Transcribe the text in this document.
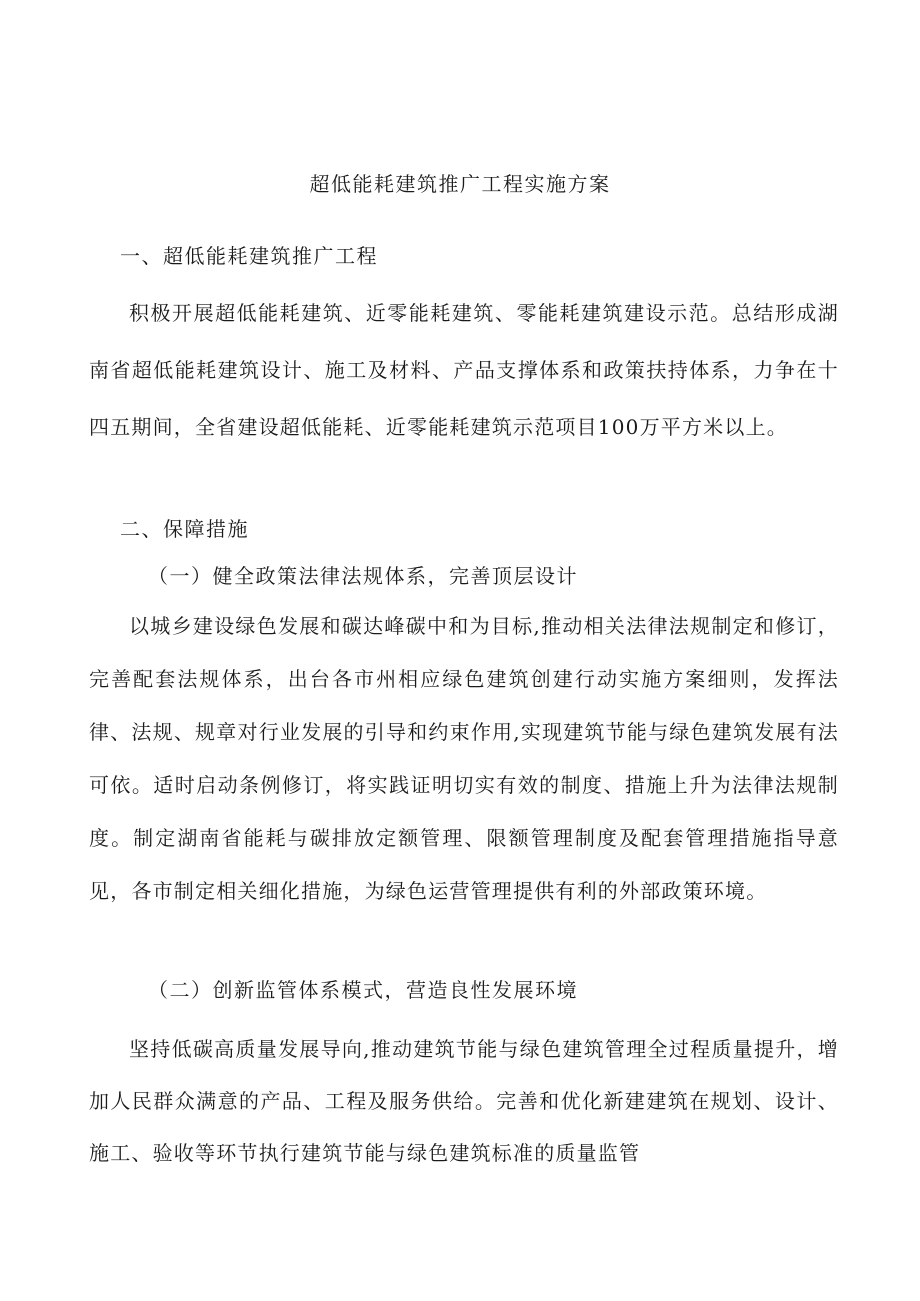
超低能耗建筑推广工程实施方案
一、超低能耗建筑推广工程

积极开展超低能耗建筑、近零能耗建筑、零能耗建筑建设示范。总结形成湖南省超低能耗建筑设计、施工及材料、产品支撑体系和政策扶持体系，力争在十四五期间，全省建设超低能耗、近零能耗建筑示范项目100万平方米以上。

二、保障措施
（一）健全政策法律法规体系，完善顶层设计

以城乡建设绿色发展和碳达峰碳中和为目标,推动相关法律法规制定和修订，完善配套法规体系，出台各市州相应绿色建筑创建行动实施方案细则，发挥法律、法规、规章对行业发展的引导和约束作用,实现建筑节能与绿色建筑发展有法可依。适时启动条例修订，将实践证明切实有效的制度、措施上升为法律法规制度。制定湖南省能耗与碳排放定额管理、限额管理制度及配套管理措施指导意见，各市制定相关细化措施，为绿色运营管理提供有利的外部政策环境。

（二）创新监管体系模式，营造良性发展环境

坚持低碳高质量发展导向,推动建筑节能与绿色建筑管理全过程质量提升，增加人民群众满意的产品、工程及服务供给。完善和优化新建建筑在规划、设计、施工、验收等环节执行建筑节能与绿色建筑标准的质量监管
